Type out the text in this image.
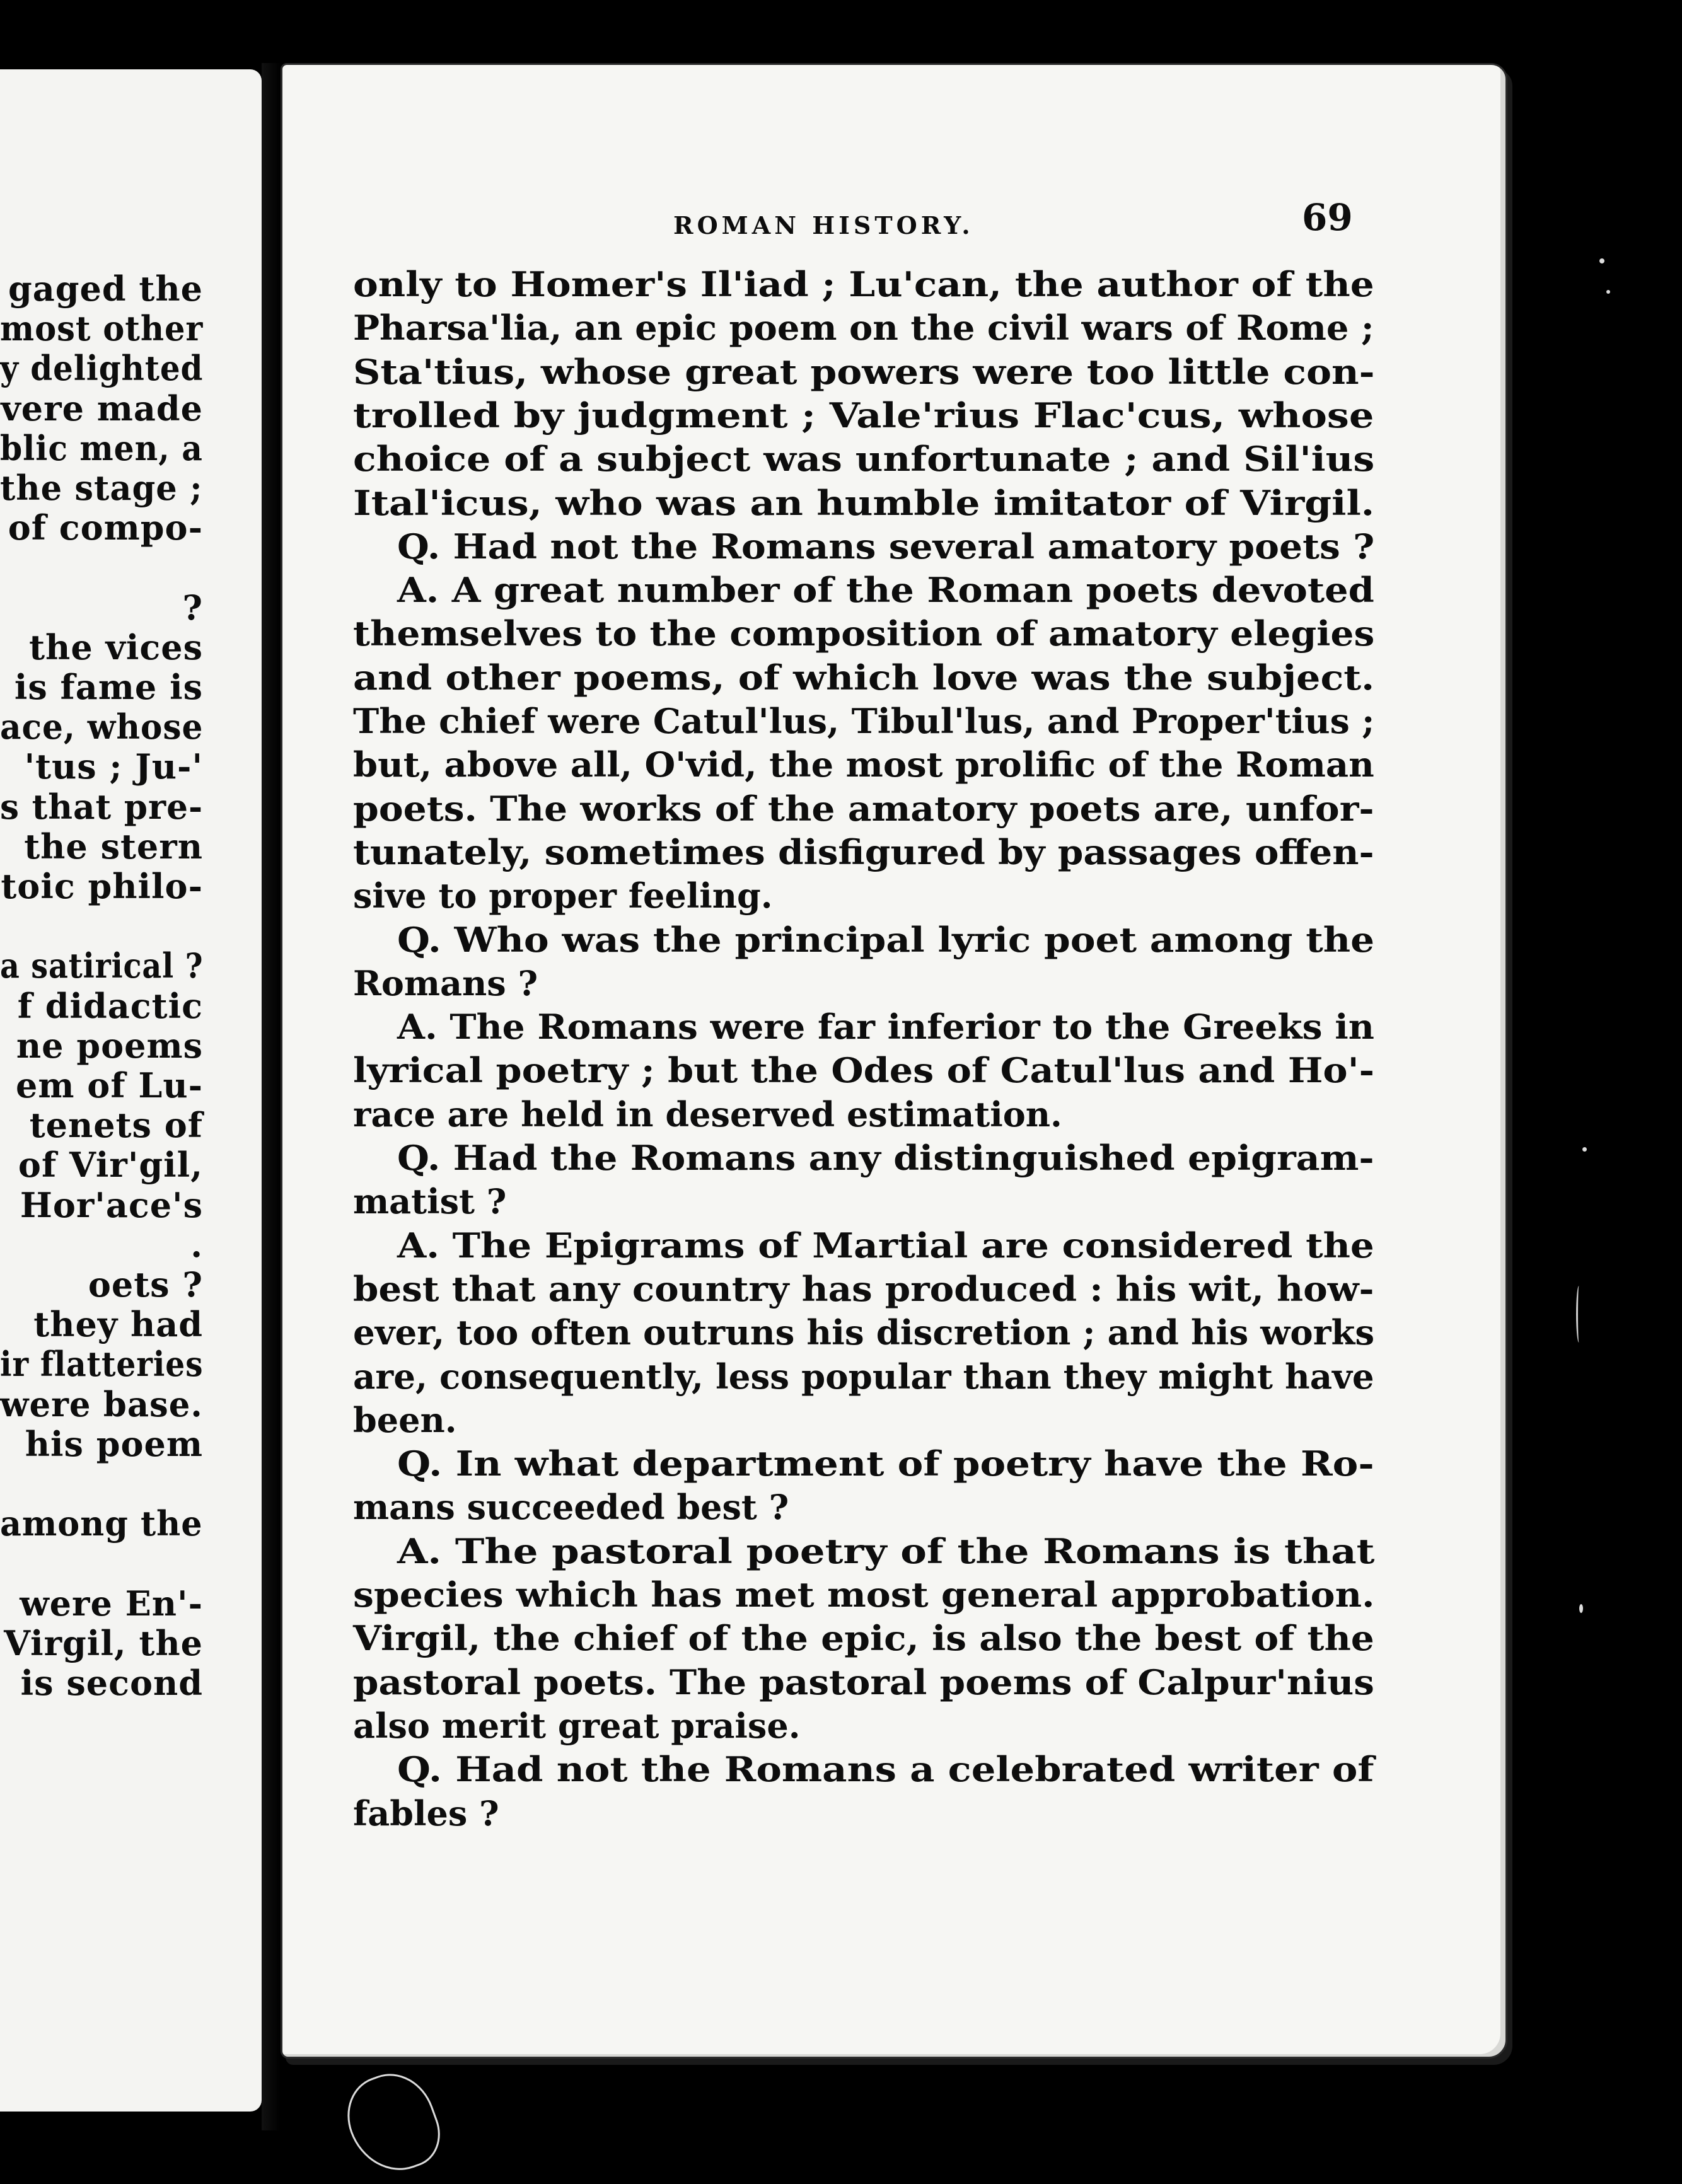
gaged the
most other
y delighted
vere made
blic men, a
the stage ;
of compo-
?
the vices
is fame is
ace, whose
'tus ; Ju-'
s that pre-
the stern
toic philo-
a satirical ?
f didactic
ne poems
em of Lu-
tenets of
of Vir'gil,
Hor'ace's
.
oets ?
they had
ir flatteries
were base.
his poem
among the
were En'-
Virgil, the
is second
ROMAN HISTORY.	69
only to Homer's Il'iad ; Lu'can, the author of the
Pharsa'lia, an epic poem on the civil wars of Rome ;
Sta'tius, whose great powers were too little con-
trolled by judgment ; Vale'rius Flac'cus, whose
choice of a subject was unfortunate ; and Sil'ius
Ital'icus, who was an humble imitator of Virgil.
Q. Had not the Romans several amatory poets ?
A. A great number of the Roman poets devoted
themselves to the composition of amatory elegies
and other poems, of which love was the subject.
The chief were Catul'lus, Tibul'lus, and Proper'tius ;
but, above all, O'vid, the most prolific of the Roman
poets. The works of the amatory poets are, unfor-
tunately, sometimes disfigured by passages offen-
sive to proper feeling.
Q. Who was the principal lyric poet among the
Romans ?
A. The Romans were far inferior to the Greeks in
lyrical poetry ; but the Odes of Catul'lus and Ho'-
race are held in deserved estimation.
Q. Had the Romans any distinguished epigram-
matist ?
A. The Epigrams of Martial are considered the
best that any country has produced : his wit, how-
ever, too often outruns his discretion ; and his works
are, consequently, less popular than they might have
been.
Q. In what department of poetry have the Ro-
mans succeeded best ?
A. The pastoral poetry of the Romans is that
species which has met most general approbation.
Virgil, the chief of the epic, is also the best of the
pastoral poets. The pastoral poems of Calpur'nius
also merit great praise.
Q. Had not the Romans a celebrated writer of
fables ?
